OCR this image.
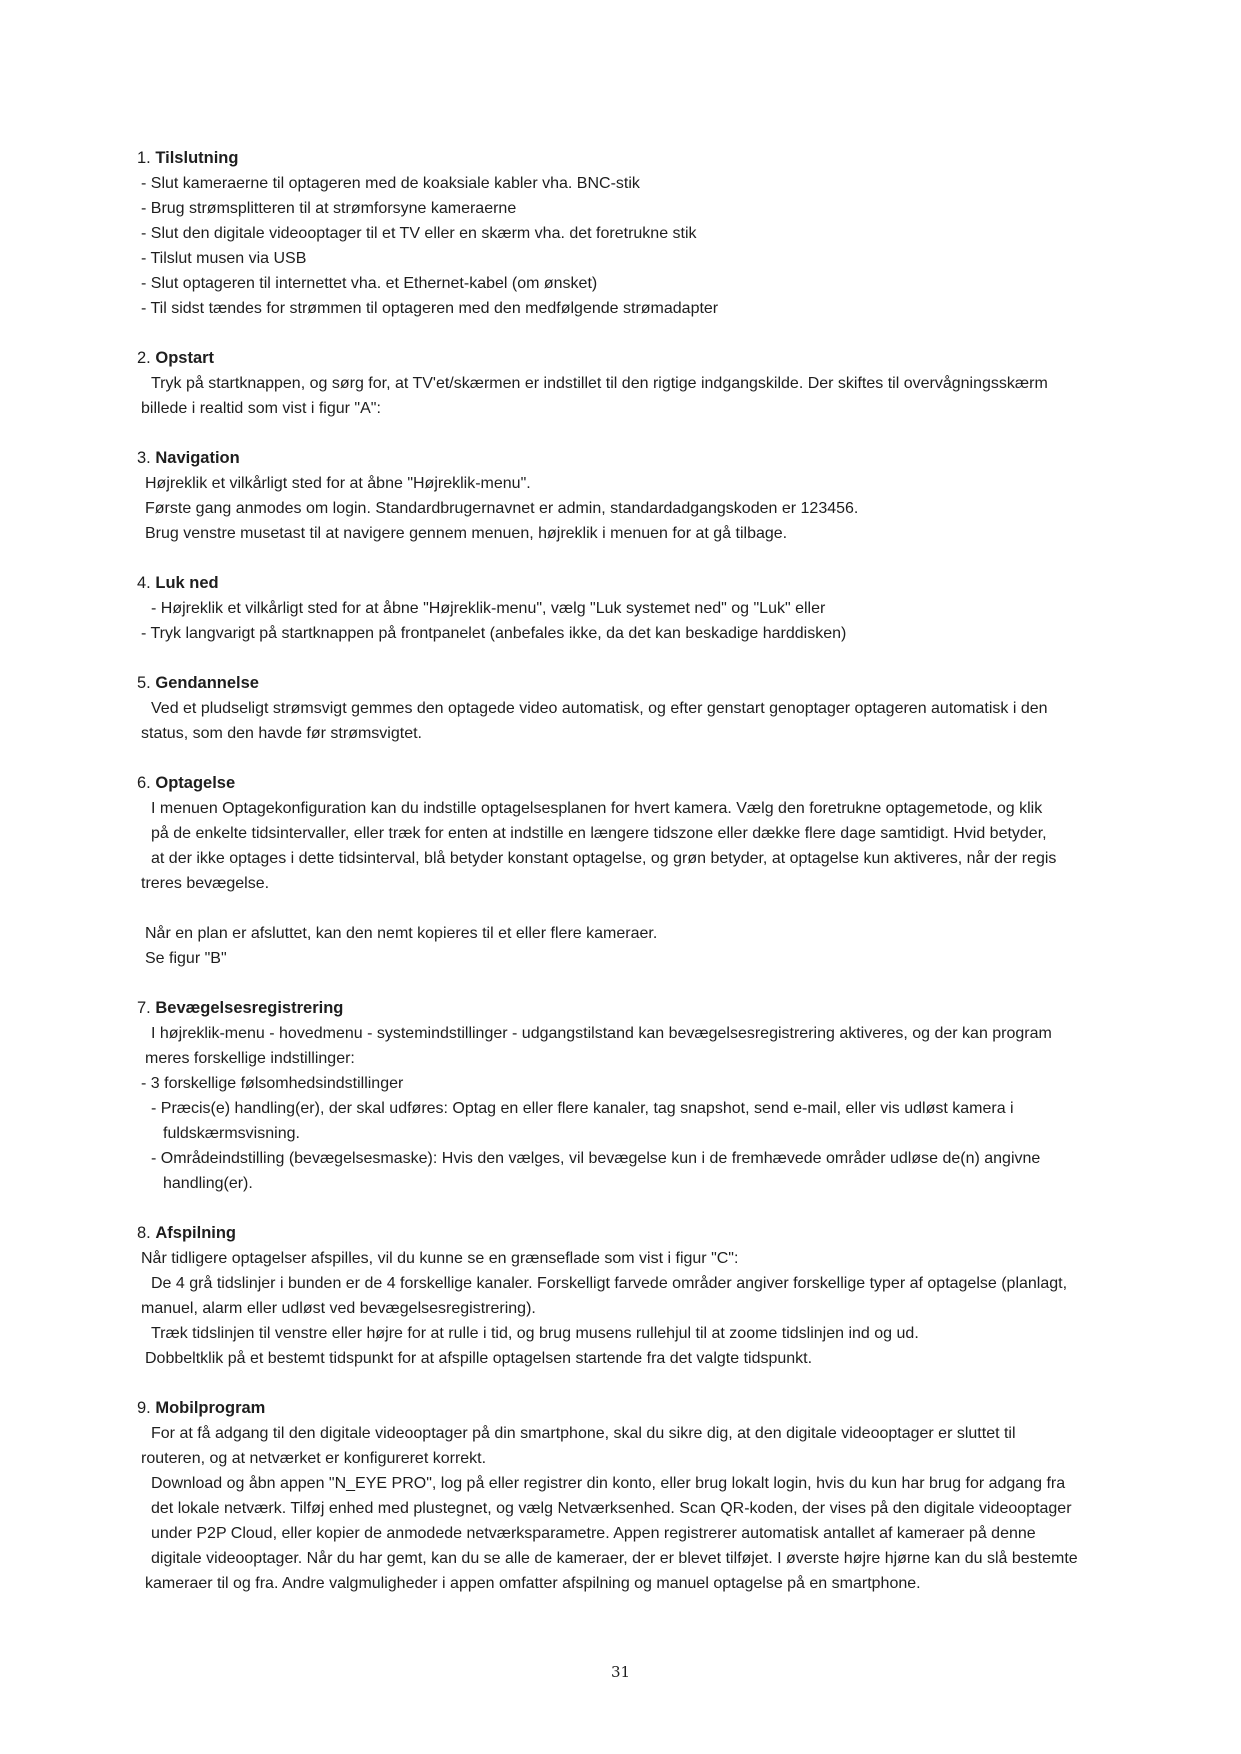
1. Tilslutning
- Slut kameraerne til optageren med de koaksiale kabler vha. BNC-stik
- Brug strømsplitteren til at strømforsyne kameraerne
- Slut den digitale videooptager til et TV eller en skærm vha. det foretrukne stik
- Tilslut musen via USB
- Slut optageren til internettet vha. et Ethernet-kabel (om ønsket)
- Til sidst tændes for strømmen til optageren med den medfølgende strømadapter
2. Opstart
Tryk på startknappen, og sørg for, at TV'et/skærmen er indstillet til den rigtige indgangskilde. Der skiftes til overvågningsskærm
billede i realtid som vist i figur "A":
3. Navigation
Højreklik et vilkårligt sted for at åbne "Højreklik-menu".
Første gang anmodes om login. Standardbrugernavnet er admin, standardadgangskoden er 123456.
Brug venstre musetast til at navigere gennem menuen, højreklik i menuen for at gå tilbage.
4. Luk ned
- Højreklik et vilkårligt sted for at åbne "Højreklik-menu", vælg "Luk systemet ned" og "Luk" eller
- Tryk langvarigt på startknappen på frontpanelet (anbefales ikke, da det kan beskadige harddisken)
5. Gendannelse
Ved et pludseligt strømsvigt gemmes den optagede video automatisk, og efter genstart genoptager optageren automatisk i den
status, som den havde før strømsvigtet.
6. Optagelse
I menuen Optagekonfiguration kan du indstille optagelsesplanen for hvert kamera. Vælg den foretrukne optagemetode, og klik
på de enkelte tidsintervaller, eller træk for enten at indstille en længere tidszone eller dække flere dage samtidigt. Hvid betyder,
at der ikke optages i dette tidsinterval, blå betyder konstant optagelse, og grøn betyder, at optagelse kun aktiveres, når der regis
treres bevægelse.
Når en plan er afsluttet, kan den nemt kopieres til et eller flere kameraer.
Se figur "B"
7. Bevægelsesregistrering
I højreklik-menu - hovedmenu - systemindstillinger - udgangstilstand kan bevægelsesregistrering aktiveres, og der kan program
meres forskellige indstillinger:
- 3 forskellige følsomhedsindstillinger
- Præcis(e) handling(er), der skal udføres: Optag en eller flere kanaler, tag snapshot, send e-mail, eller vis udløst kamera i
fuldskærmsvisning.
- Områdeindstilling (bevægelsesmaske): Hvis den vælges, vil bevægelse kun i de fremhævede områder udløse de(n) angivne
handling(er).
8. Afspilning
Når tidligere optagelser afspilles, vil du kunne se en grænseflade som vist i figur "C":
De 4 grå tidslinjer i bunden er de 4 forskellige kanaler. Forskelligt farvede områder angiver forskellige typer af optagelse (planlagt,
manuel, alarm eller udløst ved bevægelsesregistrering).
Træk tidslinjen til venstre eller højre for at rulle i tid, og brug musens rullehjul til at zoome tidslinjen ind og ud.
Dobbeltklik på et bestemt tidspunkt for at afspille optagelsen startende fra det valgte tidspunkt.
9. Mobilprogram
For at få adgang til den digitale videooptager på din smartphone, skal du sikre dig, at den digitale videooptager er sluttet til
routeren, og at netværket er konfigureret korrekt.
Download og åbn appen "N_EYE PRO", log på eller registrer din konto, eller brug lokalt login, hvis du kun har brug for adgang fra
det lokale netværk. Tilføj enhed med plustegnet, og vælg Netværksenhed. Scan QR-koden, der vises på den digitale videooptager
under P2P Cloud, eller kopier de anmodede netværksparametre. Appen registrerer automatisk antallet af kameraer på denne
digitale videooptager. Når du har gemt, kan du se alle de kameraer, der er blevet tilføjet. I øverste højre hjørne kan du slå bestemte
kameraer til og fra. Andre valgmuligheder i appen omfatter afspilning og manuel optagelse på en smartphone.
31
